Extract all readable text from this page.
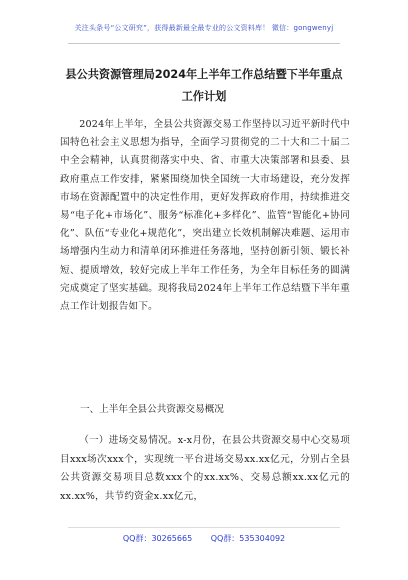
关注头条号“公文研究”，获得最新最全最专业的公文资料库！ 微信：gongwenyj
县公共资源管理局2024年上半年工作总结暨下半年重点工作计划
2024年上半年，全县公共资源交易工作坚持以习近平新时代中国特色社会主义思想为指导，全面学习贯彻党的二十大和二十届二中全会精神，认真贯彻落实中央、省、市重大决策部署和县委、县政府重点工作安排，紧紧围绕加快全国统一大市场建设，充分发挥市场在资源配置中的决定性作用，更好发挥政府作用，持续推进交易“电子化+市场化”、服务“标准化+多样化”、监管“智能化+协同化”、队伍“专业化+规范化”，突出建立长效机制解决难题、运用市场增强内生动力和清单闭环推进任务落地，坚持创新引领、锻长补短、提质增效，较好完成上半年工作任务，为全年目标任务的圆满完成奠定了坚实基础。现将我局2024年上半年工作总结暨下半年重点工作计划报告如下。
一、上半年全县公共资源交易概况
（一）进场交易情况。x-x月份，在县公共资源交易中心交易项目xxx场次xxx个，实现统一平台进场交易xx.xx亿元，分别占全县公共资源交易项目总数xxx个的xx.xx%、交易总额xx.xx亿元的xx.xx%，共节约资金x.xx亿元，
QQ群：30265665 QQ群：535304092
